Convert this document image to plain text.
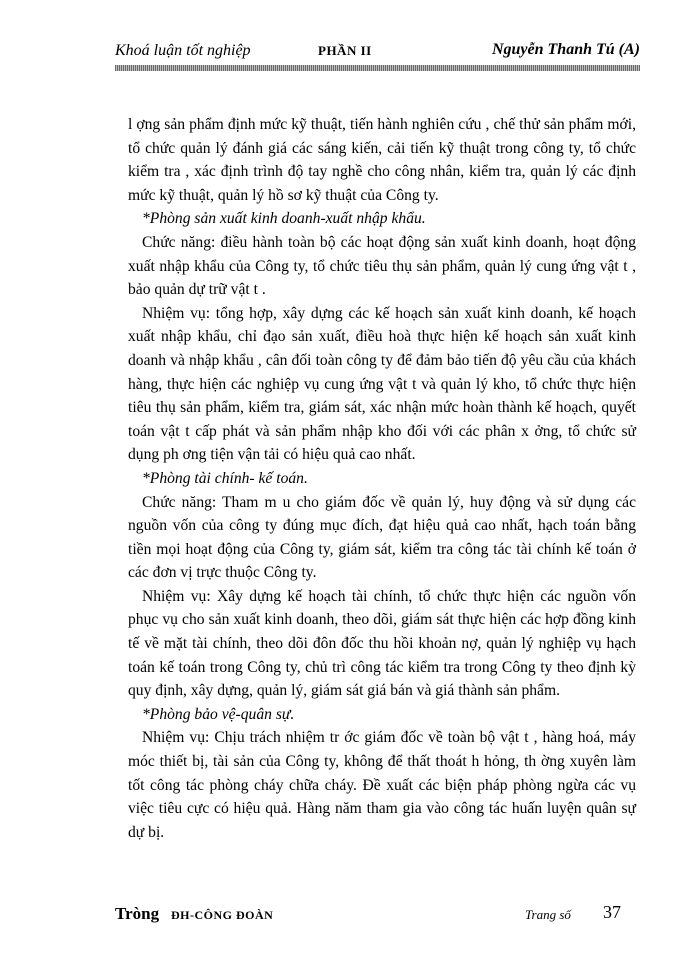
Khoá luận tốt nghiệp	PHẦN II	Nguyễn Thanh Tú (A)

l ợng sản phẩm định mức kỹ thuật, tiến hành nghiên cứu , chế thử sản phẩm mới, tổ chức quản lý đánh giá các sáng kiến, cải tiến kỹ thuật trong công ty, tổ chức kiểm tra , xác định trình độ tay nghề cho công nhân, kiểm tra, quản lý các định mức kỹ thuật, quản lý hồ sơ kỹ thuật của Công ty.

*Phòng sản xuất kinh doanh-xuất nhập khẩu.

Chức năng: điều hành toàn bộ các hoạt động sản xuất kinh doanh, hoạt động xuất nhập khẩu của Công ty, tổ chức tiêu thụ sản phẩm, quản lý cung ứng vật t , bảo quản dự trữ vật t .

Nhiệm vụ: tổng hợp, xây dựng các kế hoạch sản xuất kinh doanh, kế hoạch xuất nhập khẩu, chỉ đạo sản xuất, điều hoà thực hiện kế hoạch sản xuất kinh doanh và nhập khẩu , cân đối toàn công ty để đảm bảo tiến độ yêu cầu của khách hàng, thực hiện các nghiệp vụ cung ứng vật t và quản lý kho, tổ chức thực hiện tiêu thụ sản phẩm, kiểm tra, giám sát, xác nhận mức hoàn thành kế hoạch, quyết toán vật t cấp phát và sản phẩm nhập kho đối với các phân x ởng, tổ chức sử dụng ph ơng tiện vận tải có hiệu quả cao nhất.

*Phòng tài chính- kế toán.

Chức năng: Tham m u cho giám đốc về quản lý, huy động và sử dụng các nguồn vốn của công ty đúng mục đích, đạt hiệu quả cao nhất, hạch toán bằng tiền mọi hoạt động của Công ty, giám sát, kiểm tra công tác tài chính kế toán ở các đơn vị trực thuộc Công ty.

Nhiệm vụ: Xây dựng kế hoạch tài chính, tổ chức thực hiện các nguồn vốn phục vụ cho sản xuất kinh doanh, theo dõi, giám sát thực hiện các hợp đồng kinh tế về mặt tài chính, theo dõi đôn đốc thu hồi khoản nợ, quản lý nghiệp vụ hạch toán kế toán trong Công ty, chủ trì công tác kiểm tra trong Công ty theo định kỳ quy định, xây dựng, quản lý, giám sát giá bán và giá thành sản phẩm.

*Phòng bảo vệ-quân sự.

Nhiệm vụ: Chịu trách nhiệm tr ớc giám đốc về toàn bộ vật t , hàng hoá, máy móc thiết bị, tài sản của Công ty, không để thất thoát h hỏng, th ờng xuyên làm tốt công tác phòng cháy chữa cháy. Đề xuất các biện pháp phòng ngừa các vụ việc tiêu cực có hiệu quả. Hàng năm tham gia vào công tác huấn luyện quân sự dự bị.

Tròng ĐH-CÔNG ĐOÀN	Trang số 37
